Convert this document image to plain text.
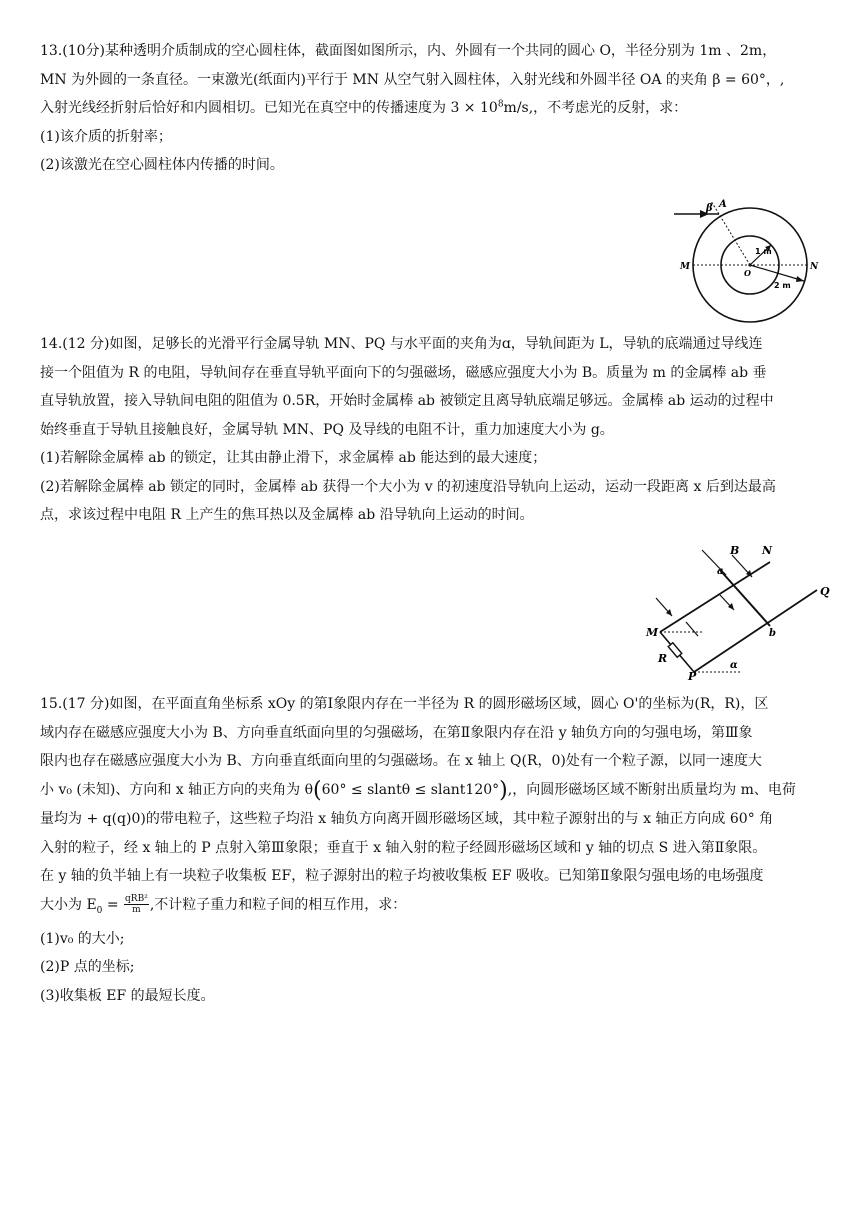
13.(10分)某种透明介质制成的空心圆柱体，截面图如图所示，内、外圆有一个共同的圆心 O，半径分别为 1m 、2m，

MN 为外圆的一条直径。一束激光(纸面内)平行于 MN 从空气射入圆柱体，入射光线和外圆半径 OA 的夹角 β = 60°，,

入射光线经折射后恰好和内圆相切。已知光在真空中的传播速度为 $3 \times 10^8m/s$,，不考虑光的反射，求：

(1)该介质的折射率；

(2)该激光在空心圆柱体内传播的时间。

β A
M	N
O
1 m
2 m

14.(12 分)如图，足够长的光滑平行金属导轨 MN、PQ 与水平面的夹角为ɑ，导轨间距为 L，导轨的底端通过导线连

接一个阻值为 R 的电阻，导轨间存在垂直导轨平面向下的匀强磁场，磁感应强度大小为 B。质量为 m 的金属棒 ab 垂

直导轨放置，接入导轨间电阻的阻值为 0.5R，开始时金属棒 ab 被锁定且离导轨底端足够远。金属棒 ab 运动的过程中

始终垂直于导轨且接触良好，金属导轨 MN、PQ 及导线的电阻不计，重力加速度大小为 g。

(1)若解除金属棒 ab 的锁定，让其由静止滑下，求金属棒 ab 能达到的最大速度；

(2)若解除金属棒 ab 锁定的同时，金属棒 ab 获得一个大小为 v 的初速度沿导轨向上运动，运动一段距离 x 后到达最高

点，求该过程中电阻 R 上产生的焦耳热以及金属棒 ab 沿导轨向上运动的时间。

B N
a
b
Q
M
R
P
α

15.(17 分)如图，在平面直角坐标系 xOy 的第Ⅰ象限内存在一半径为 R 的圆形磁场区域，圆心 O'的坐标为(R，R)，区

域内存在磁感应强度大小为 B、方向垂直纸面向里的匀强磁场，在第Ⅱ象限内存在沿 y 轴负方向的匀强电场，第Ⅲ象

限内也存在磁感应强度大小为 B、方向垂直纸面向里的匀强磁场。在 x 轴上 Q(R，0)处有一个粒子源，以同一速度大

小 v₀ (未知)、方向和 x 轴正方向的夹角为 θ(60° ≤ slantθ ≤ slant120°),，向圆形磁场区域不断射出质量均为 m、电荷

量均为 + q(q)0)的带电粒子，这些粒子均沿 x 轴负方向离开圆形磁场区域，其中粒子源射出的与 x 轴正方向成 60° 角

入射的粒子，经 x 轴上的 P 点射入第Ⅲ象限；垂直于 x 轴入射的粒子经圆形磁场区域和 y 轴的切点 S 进入第Ⅱ象限。

在 y 轴的负半轴上有一块粒子收集板 EF，粒子源射出的粒子均被收集板 EF 吸收。已知第Ⅱ象限匀强电场的电场强度

大小为 $E_0 = \frac{\text{qRB²}}{m}$ ,不计粒子重力和粒子间的相互作用，求：

(1)v₀ 的大小;

(2)P 点的坐标;

(3)收集板 EF 的最短长度。
